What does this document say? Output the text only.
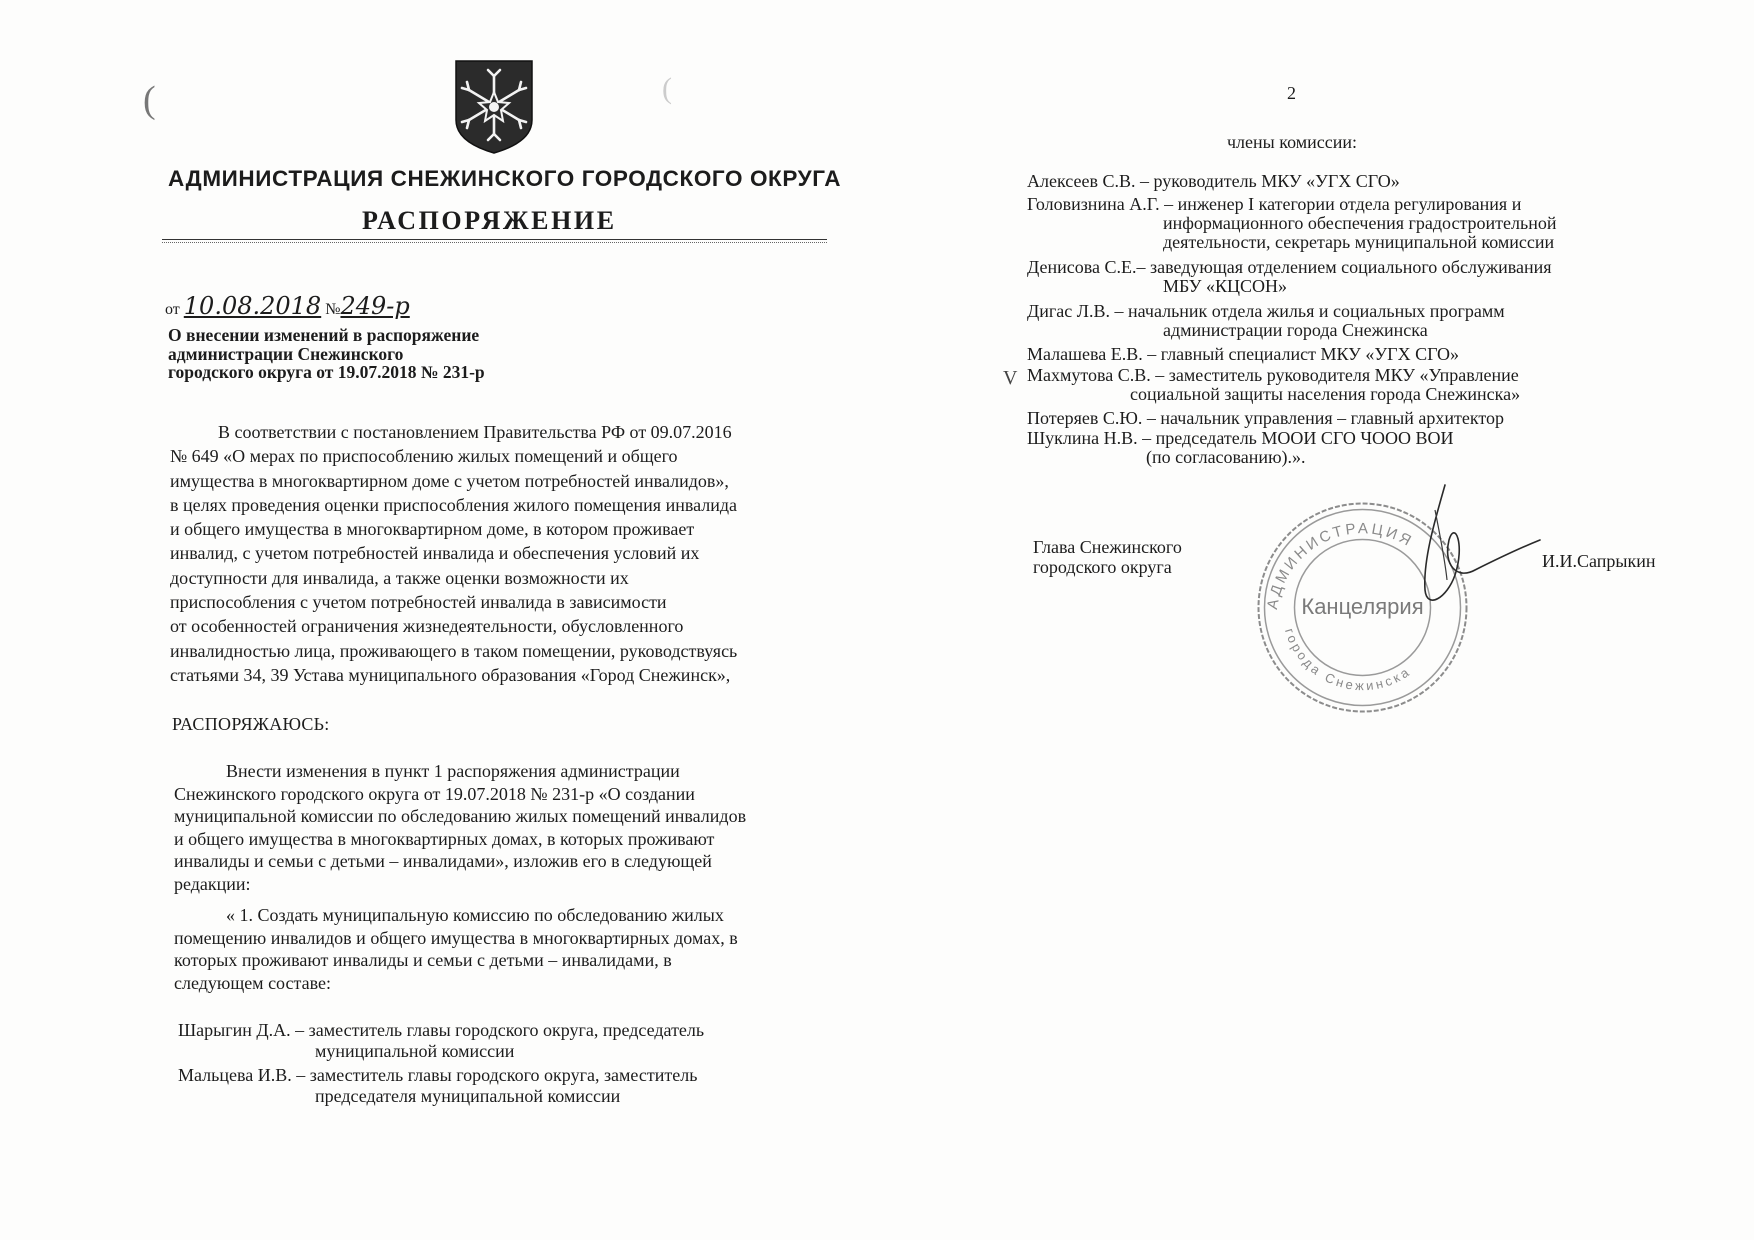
(	(
АДМИНИСТРАЦИЯ СНЕЖИНСКОГО ГОРОДСКОГО ОКРУГА
РАСПОРЯЖЕНИЕ
от 10.08.2018 №249-р
О внесении изменений в распоряжение
администрации Снежинского
городского округа от 19.07.2018 № 231-р

В соответствии с постановлением Правительства РФ от 09.07.2016

№ 649 «О мерах по приспособлению жилых помещений и общего

имущества в многоквартирном доме с учетом потребностей инвалидов»,

в целях проведения оценки приспособления жилого помещения инвалида

и общего имущества в многоквартирном доме, в котором проживает

инвалид, с учетом потребностей инвалида и обеспечения условий их

доступности для инвалида, а также оценки возможности их

приспособления с учетом потребностей инвалида в зависимости

от особенностей ограничения жизнедеятельности, обусловленного

инвалидностью лица, проживающего в таком помещении, руководствуясь

статьями 34, 39 Устава муниципального образования «Город Снежинск»,

РАСПОРЯЖАЮСЬ:

Внести изменения в пункт 1 распоряжения администрации

Снежинского городского округа от 19.07.2018 № 231-р «О создании

муниципальной комиссии по обследованию жилых помещений инвалидов

и общего имущества в многоквартирных домах, в которых проживают

инвалиды и семьи с детьми – инвалидами», изложив его в следующей

редакции:

« 1. Создать муниципальную комиссию по обследованию жилых

помещению инвалидов и общего имущества в многоквартирных домах, в

которых проживают инвалиды и семьи с детьми – инвалидами, в

следующем составе:

Шарыгин Д.А. – заместитель главы городского округа, председатель
муниципальной комиссии
Мальцева И.В. – заместитель главы городского округа, заместитель
председателя муниципальной комиссии
2
члены комиссии:
Алексеев С.В. – руководитель МКУ «УГХ СГО»
Головизнина А.Г. – инженер I категории отдела регулирования и
информационного обеспечения градостроительной
деятельности, секретарь муниципальной комиссии
Денисова С.Е.– заведующая отделением социального обслуживания
МБУ «КЦСОН»
Дигас Л.В. – начальник отдела жилья и социальных программ
администрации города Снежинска
Малашева Е.В. – главный специалист МКУ «УГХ СГО»
Махмутова С.В. – заместитель руководителя МКУ «Управление
социальной защиты населения города Снежинска»
Потеряев С.Ю. – начальник управления – главный архитектор
Шуклина Н.В. – председатель МООИ СГО ЧООО ВОИ
(по согласованию).».
V
Глава Снежинского
городского округа
АДМИНИСТРАЦИЯ
города Снежинска
Канцелярия
И.И.Сапрыкин
